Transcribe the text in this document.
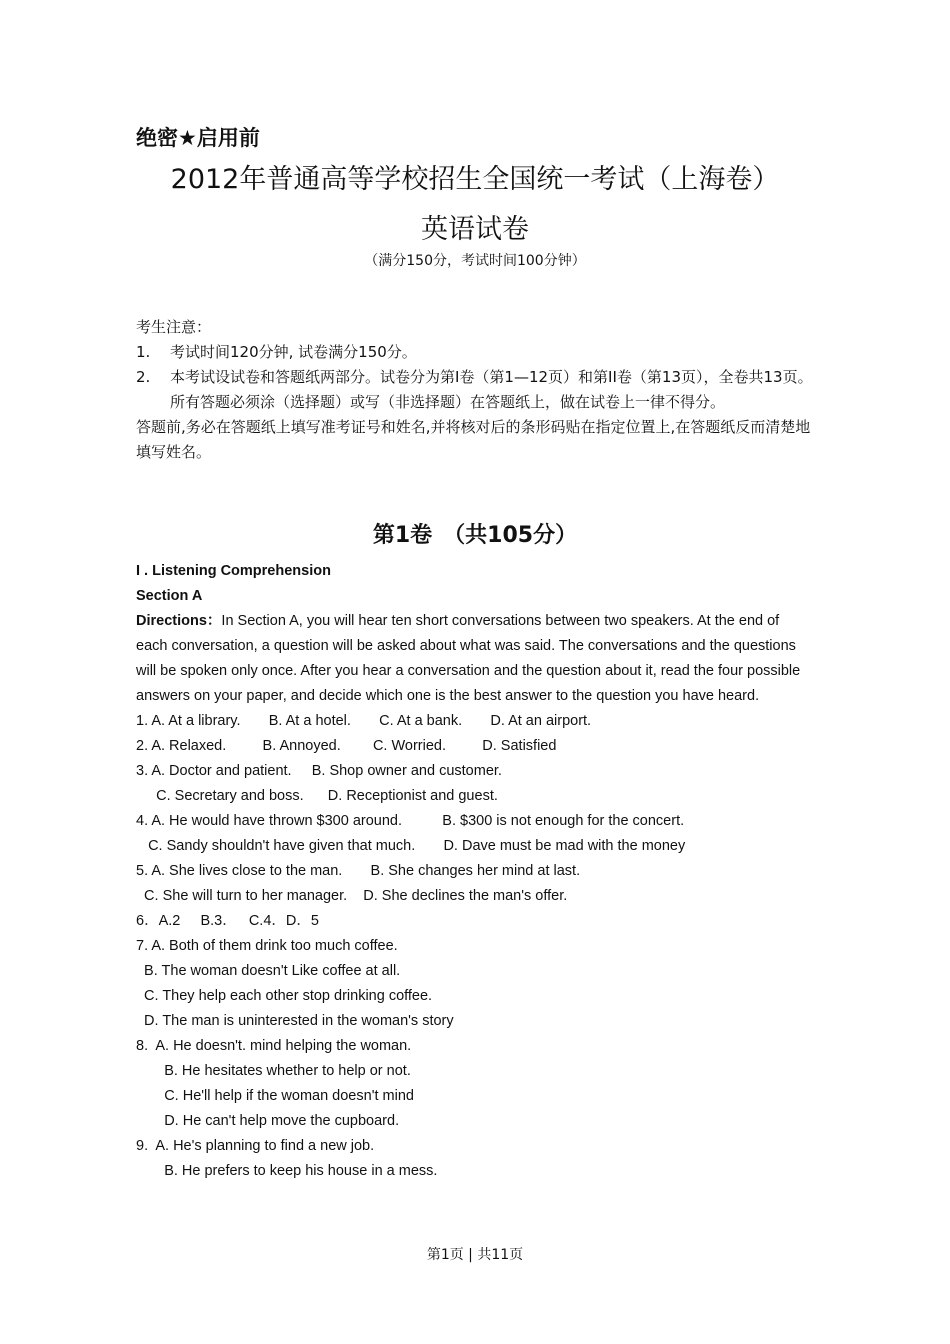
绝密★启用前
2012年普通高等学校招生全国统一考试（上海卷）
英语试卷
（满分150分，考试时间100分钟）
考生注意：
1.	考试时间120分钟, 试卷满分150分。
2.	本考试设试卷和答题纸两部分。试卷分为第I卷（第1—12页）和第II卷（第13页），全卷共13页。所有答题必须涂（选择题）或写（非选择题）在答题纸上，做在试卷上一律不得分。
答题前,务必在答题纸上填写准考证号和姓名,并将核对后的条形码贴在指定位置上,在答题纸反而清楚地填写姓名。
第1卷　（共105分）
I . Listening Comprehension
Section A
Directions：In Section A, you will hear ten short conversations between two speakers. At the end of each conversation, a question will be asked about what was said. The conversations and the questions will be spoken only once. After you hear a conversation and the question about it, read the four possible answers on your paper, and decide which one is the best answer to the question you have heard.
1. A. At a library.       B. At a hotel.       C. At a bank.       D. At an airport.
2. A. Relaxed.         B. Annoyed.        C. Worried.         D. Satisfied
3. A. Doctor and patient.     B. Shop owner and customer.
C. Secretary and boss.      D. Receptionist and guest.
4. A. He would have thrown $300 around.          B. $300 is not enough for the concert.
C. Sandy shouldn't have given that much.       D. Dave must be mad with the money
5. A. She lives close to the man.       B. She changes her mind at last.
C. She will turn to her manager.    D. She declines the man's offer.
6．A.2     B.3．   C.4．D．5
7. A. Both of them drink too much coffee.
B. The woman doesn't Like coffee at all.
C. They help each other stop drinking coffee.
D. The man is uninterested in the woman's story
8.  A. He doesn't. mind helping the woman.
B. He hesitates whether to help or not.
C. He'll help if the woman doesn't mind
D. He can't help move the cupboard.
9.  A. He's planning to find a new job.
B. He prefers to keep his house in a mess.
第1页 | 共11页
